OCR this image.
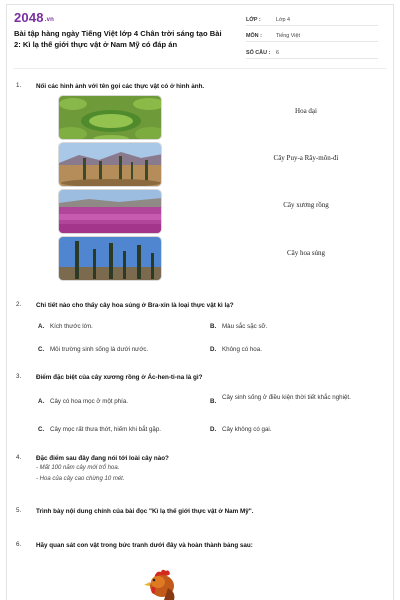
2048.vn
Bài tập hàng ngày Tiếng Việt lớp 4 Chân trời sáng tạo Bài 2: Kì lạ thế giới thực vật ở Nam Mỹ có đáp án
LỚP :	Lớp 4
MÔN :	Tiếng Việt
SỐ CÂU :	6
1. Nối các hình ảnh với tên gọi các thực vật có ở hình ảnh.
Hoa dại
Cây Puy-a Rây-môn-đi
Cây xương rồng
Cây hoa súng
2. Chi tiết nào cho thấy cây hoa súng ở Bra-xin là loại thực vật kì lạ?
A. Kích thước lớn.	B. Màu sắc sặc sỡ.
C. Môi trường sinh sống là dưới nước.	D. Không có hoa.
3. Điểm đặc biệt của cây xương rồng ở Ác-hen-ti-na là gì?
A. Cây có hoa mọc ở một phía.	B.Cây sinh sống ở điều kiện thời tiết khắc nghiệt.
C. Cây mọc rất thưa thớt, hiếm khi bắt gặp.	D. Cây không có gai.
4. Đặc điểm sau đây đang nói tới loài cây nào?
- Mất 100 năm cây mới trổ hoa.
- Hoa của cây cao chừng 10 mét.
5. Trình bày nội dung chính của bài đọc "Kì lạ thế giới thực vật ở Nam Mỹ".
6. Hãy quan sát con vật trong bức tranh dưới đây và hoàn thành bảng sau:
